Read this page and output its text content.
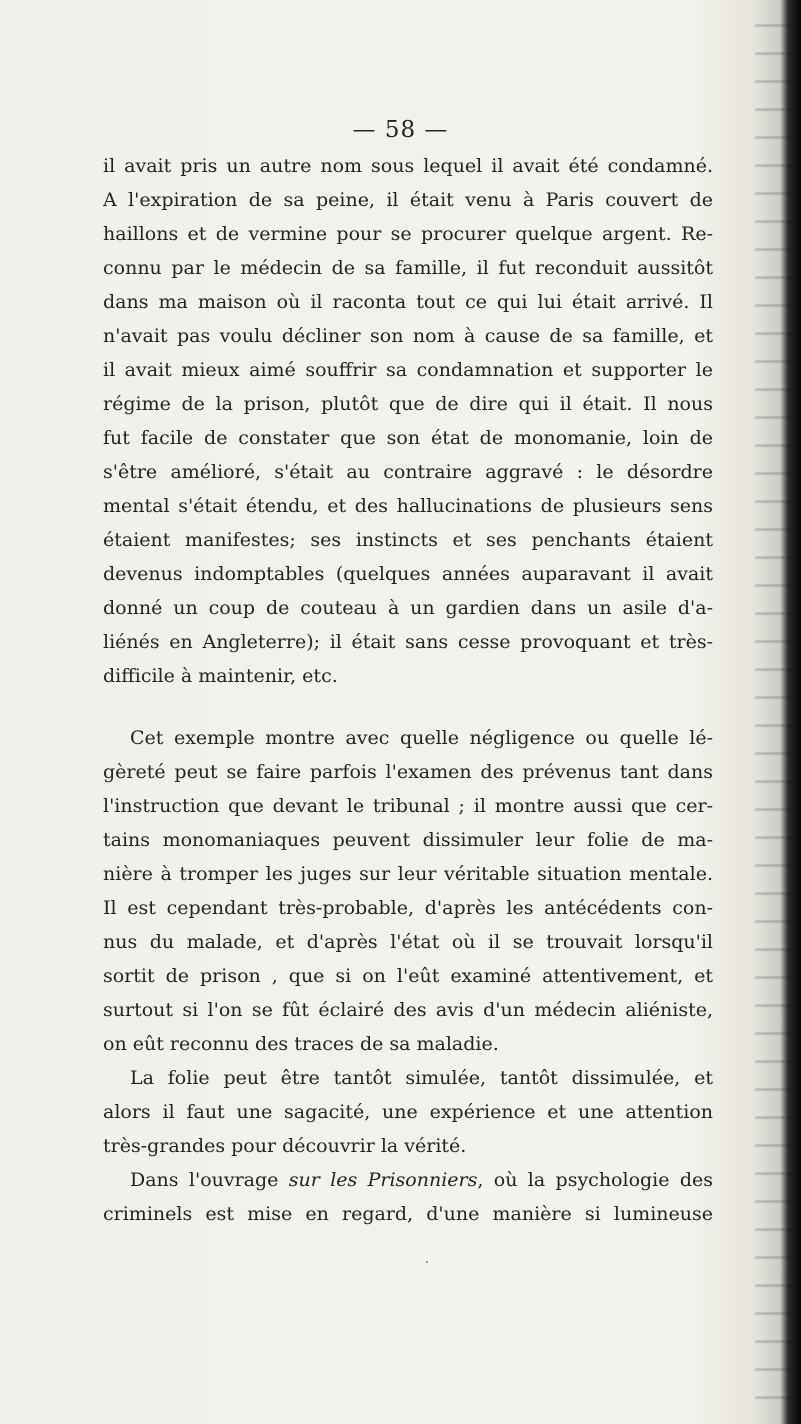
— 58 —
il avait pris un autre nom sous lequel il avait été condamné.
A l'expiration de sa peine, il était venu à Paris couvert de
haillons et de vermine pour se procurer quelque argent. Re-
connu par le médecin de sa famille, il fut reconduit aussitôt
dans ma maison où il raconta tout ce qui lui était arrivé. Il
n'avait pas voulu décliner son nom à cause de sa famille, et
il avait mieux aimé souffrir sa condamnation et supporter le
régime de la prison, plutôt que de dire qui il était. Il nous
fut facile de constater que son état de monomanie, loin de
s'être amélioré, s'était au contraire aggravé : le désordre
mental s'était étendu, et des hallucinations de plusieurs sens
étaient manifestes; ses instincts et ses penchants étaient
devenus indomptables (quelques années auparavant il avait
donné un coup de couteau à un gardien dans un asile d'a-
liénés en Angleterre); il était sans cesse provoquant et très-
difficile à maintenir, etc.
Cet exemple montre avec quelle négligence ou quelle lé-
gèreté peut se faire parfois l'examen des prévenus tant dans
l'instruction que devant le tribunal ; il montre aussi que cer-
tains monomaniaques peuvent dissimuler leur folie de ma-
nière à tromper les juges sur leur véritable situation mentale.
Il est cependant très-probable, d'après les antécédents con-
nus du malade, et d'après l'état où il se trouvait lorsqu'il
sortit de prison , que si on l'eût examiné attentivement, et
surtout si l'on se fût éclairé des avis d'un médecin aliéniste,
on eût reconnu des traces de sa maladie.
La folie peut être tantôt simulée, tantôt dissimulée, et
alors il faut une sagacité, une expérience et une attention
très-grandes pour découvrir la vérité.
Dans l'ouvrage sur les Prisonniers, où la psychologie des
criminels est mise en regard, d'une manière si lumineuse
